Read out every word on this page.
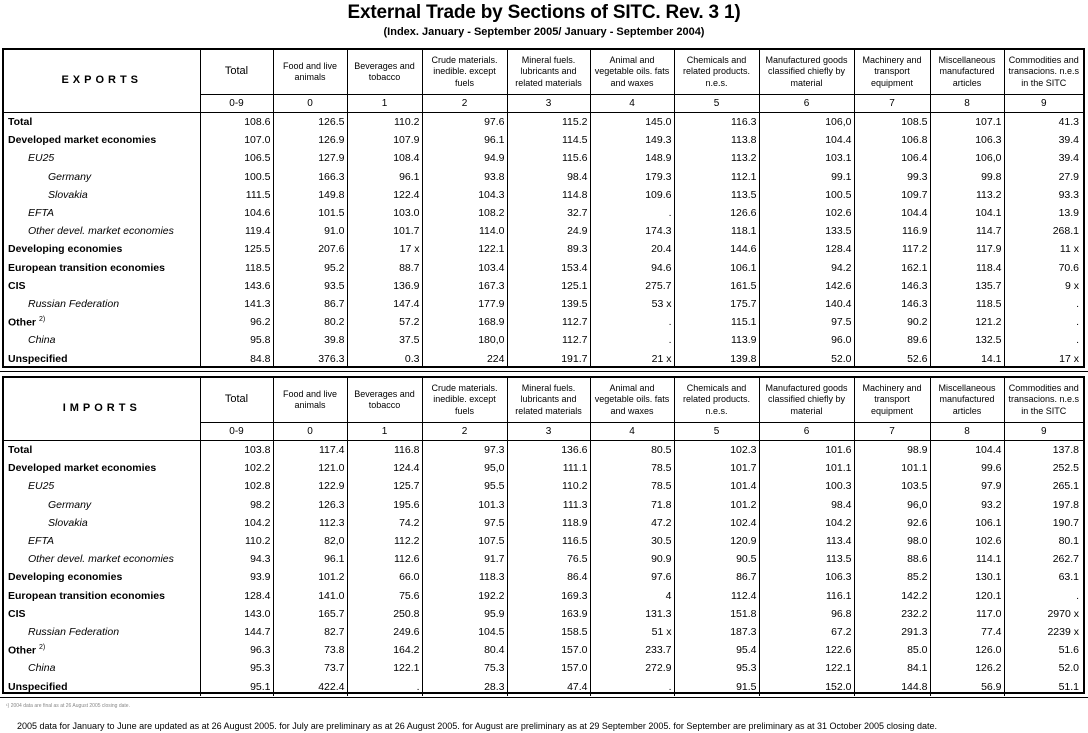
External Trade by Sections of SITC. Rev. 3 1)
(Index. January - September 2005/ January - September 2004)
EXPORTS	Total	Food and live animals	Beverages and tobacco	Crude materials. inedible. except fuels	Mineral fuels. lubricants and related materials	Animal and vegetable oils. fats and waxes	Chemicals and related products. n.e.s.	Manufactured goods classified chiefly by material	Machinery and transport equipment	Miscellaneous manufactured articles	Commodities and transacions. n.e.s in the SITC
	0-9	0	1	2	3	4	5	6	7	8	9
Total	108.6	126.5	110.2	97.6	115.2	145.0	116.3	106,0	108.5	107.1	41.3
Developed market economies	107.0	126.9	107.9	96.1	114.5	149.3	113.8	104.4	106.8	106.3	39.4
EU25	106.5	127.9	108.4	94.9	115.6	148.9	113.2	103.1	106.4	106,0	39.4
Germany	100.5	166.3	96.1	93.8	98.4	179.3	112.1	99.1	99.3	99.8	27.9
Slovakia	111.5	149.8	122.4	104.3	114.8	109.6	113.5	100.5	109.7	113.2	93.3
EFTA	104.6	101.5	103.0	108.2	32.7	.	126.6	102.6	104.4	104.1	13.9
Other devel. market economies	119.4	91.0	101.7	114.0	24.9	174.3	118.1	133.5	116.9	114.7	268.1
Developing economies	125.5	207.6	17 x	122.1	89.3	20.4	144.6	128.4	117.2	117.9	11 x
European transition economies	118.5	95.2	88.7	103.4	153.4	94.6	106.1	94.2	162.1	118.4	70.6
CIS	143.6	93.5	136.9	167.3	125.1	275.7	161.5	142.6	146.3	135.7	9 x
Russian Federation	141.3	86.7	147.4	177.9	139.5	53 x	175.7	140.4	146.3	118.5	.
Other $^{2)}$	96.2	80.2	57.2	168.9	112.7	.	115.1	97.5	90.2	121.2	.
China	95.8	39.8	37.5	180,0	112.7	.	113.9	96.0	89.6	132.5	.
Unspecified	84.8	376.3	0.3	224	191.7	21 x	139.8	52.0	52.6	14.1	17 x
IMPORTS	Total	Food and live animals	Beverages and tobacco	Crude materials. inedible. except fuels	Mineral fuels. lubricants and related materials	Animal and vegetable oils. fats and waxes	Chemicals and related products. n.e.s.	Manufactured goods classified chiefly by material	Machinery and transport equipment	Miscellaneous manufactured articles	Commodities and transacions. n.e.s in the SITC
	0-9	0	1	2	3	4	5	6	7	8	9
Total	103.8	117.4	116.8	97.3	136.6	80.5	102.3	101.6	98.9	104.4	137.8
Developed market economies	102.2	121.0	124.4	95,0	111.1	78.5	101.7	101.1	101.1	99.6	252.5
EU25	102.8	122.9	125.7	95.5	110.2	78.5	101.4	100.3	103.5	97.9	265.1
Germany	98.2	126.3	195.6	101.3	111.3	71.8	101.2	98.4	96,0	93.2	197.8
Slovakia	104.2	112.3	74.2	97.5	118.9	47.2	102.4	104.2	92.6	106.1	190.7
EFTA	110.2	82,0	112.2	107.5	116.5	30.5	120.9	113.4	98.0	102.6	80.1
Other devel. market economies	94.3	96.1	112.6	91.7	76.5	90.9	90.5	113.5	88.6	114.1	262.7
Developing economies	93.9	101.2	66.0	118.3	86.4	97.6	86.7	106.3	85.2	130.1	63.1
European transition economies	128.4	141.0	75.6	192.2	169.3	4	112.4	116.1	142.2	120.1	.
CIS	143.0	165.7	250.8	95.9	163.9	131.3	151.8	96.8	232.2	117.0	2970 x
Russian Federation	144.7	82.7	249.6	104.5	158.5	51 x	187.3	67.2	291.3	77.4	2239 x
Other $^{2)}$	96.3	73.8	164.2	80.4	157.0	233.7	95.4	122.6	85.0	126.0	51.6
China	95.3	73.7	122.1	75.3	157.0	272.9	95.3	122.1	84.1	126.2	52.0
Unspecified	95.1	422.4	.	28.3	47.4	.	91.5	152.0	144.8	56.9	51.1
¹) 2004 data are final as at 26 August 2005 closing date.
2005 data for January to June are updated as at 26 August 2005. for July are preliminary as at 26 August 2005. for August are preliminary as at 29 September 2005. for September are preliminary as at 31 October 2005 closing date.
